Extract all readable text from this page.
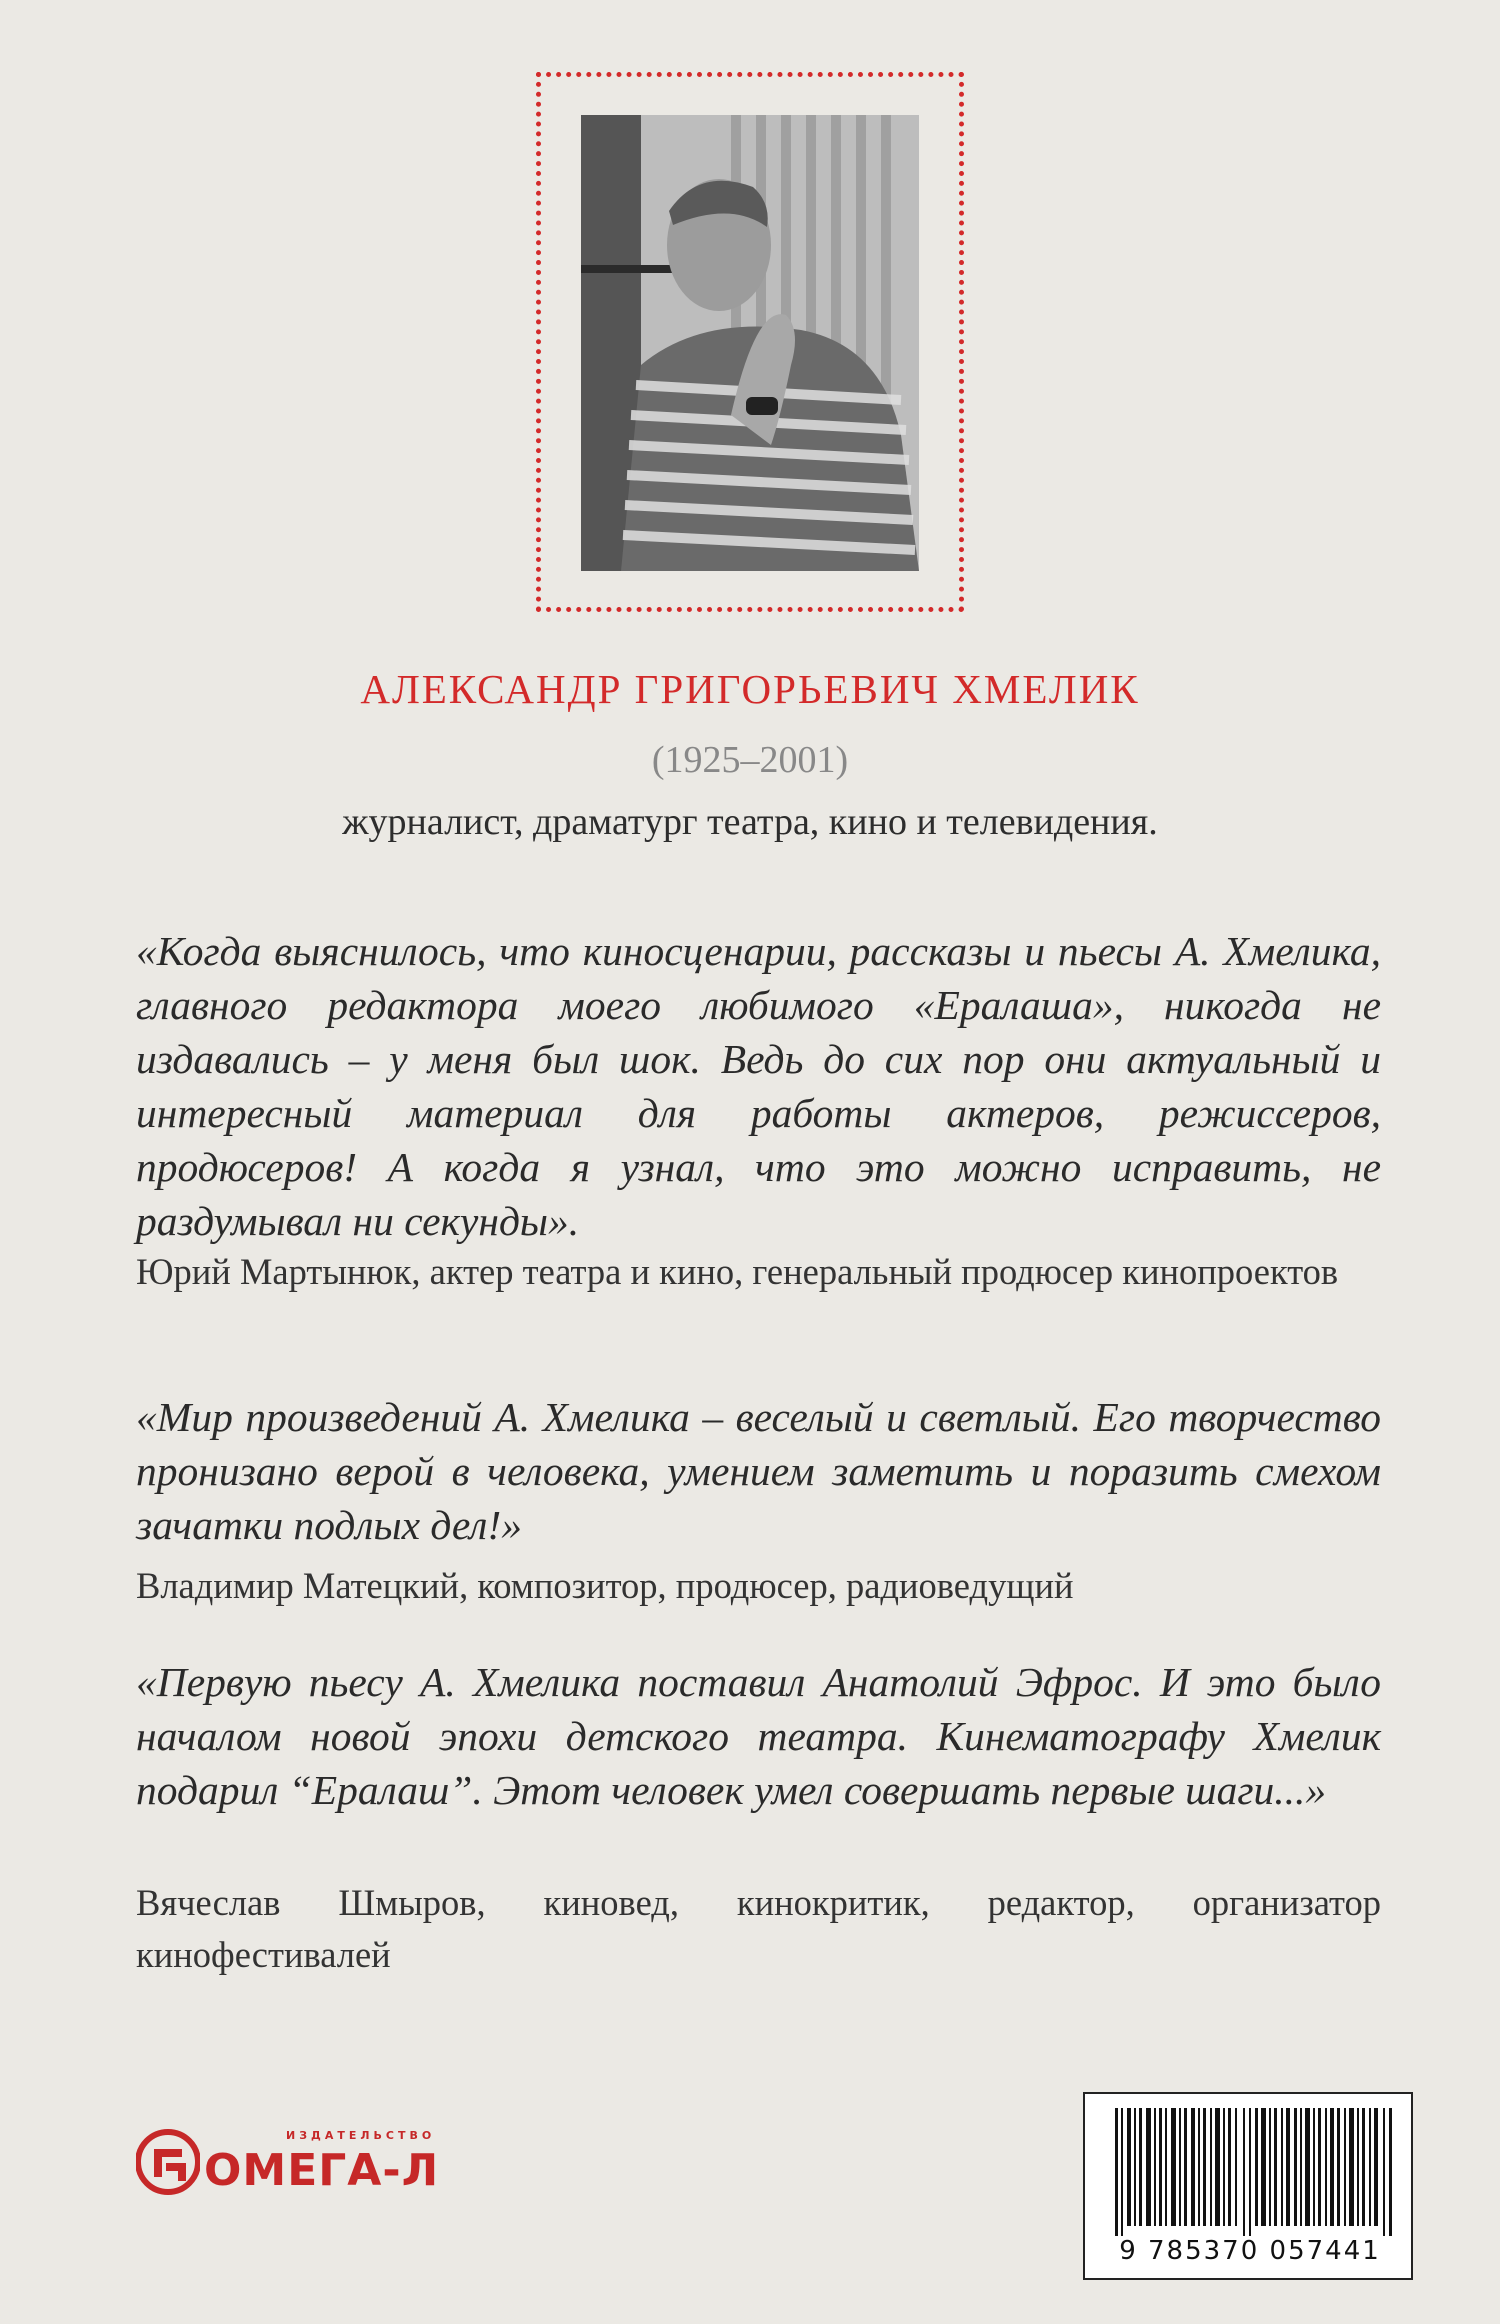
АЛЕКСАНДР ГРИГОРЬЕВИЧ ХМЕЛИК
(1925–2001)
журналист, драматург театра, кино и телевидения.
«Когда выяснилось, что киносценарии, рассказы и пьесы А. Хмелика, главного редактора моего любимого «Ералаша», никогда не издавались – у меня был шок. Ведь до сих пор они актуальный и интересный материал для работы актеров, режиссеров, продюсеров! А когда я узнал, что это можно исправить, не раздумывал ни секунды».
Юрий Мартынюк, актер театра и кино, генеральный продюсер кинопроектов
«Мир произведений А. Хмелика – веселый и светлый. Его творчество пронизано верой в человека, умением заметить и поразить смехом зачатки подлых дел!»
Владимир Матецкий, композитор, продюсер, радиоведущий
«Первую пьесу А. Хмелика поставил Анатолий Эфрос. И это было началом новой эпохи детского театра. Кинематографу Хмелик подарил “Ералаш”. Этот человек умел совершать первые шаги...»
Вячеслав Шмыров, киновед, кинокритик, редактор, организатор кинофестивалей
ИЗДАТЕЛЬСТВО
ОМЕГА-Л
9 785370 057441
